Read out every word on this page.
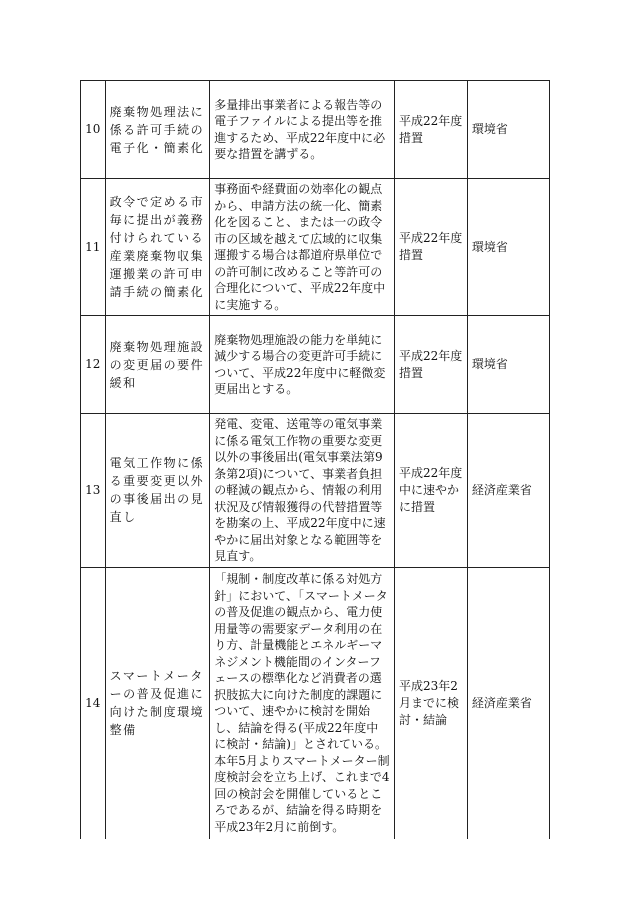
10	廃棄物処理法に係る許可手続の電子化・簡素化	多量排出事業者による報告等の電子ファイルによる提出等を推進するため、平成22年度中に必要な措置を講ずる。	平成22年度措置	環境省
11	政令で定める市毎に提出が義務付けられている産業廃棄物収集運搬業の許可申請手続の簡素化	事務面や経費面の効率化の観点から、申請方法の統一化、簡素化を図ること、または一の政令市の区域を越えて広域的に収集運搬する場合は都道府県単位での許可制に改めること等許可の合理化について、平成22年度中に実施する。	平成22年度措置	環境省
12	廃棄物処理施設の変更届の要件緩和	廃棄物処理施設の能力を単純に減少する場合の変更許可手続について、平成22年度中に軽微変更届出とする。	平成22年度措置	環境省
13	電気工作物に係る重要変更以外の事後届出の見直し	発電、変電、送電等の電気事業に係る電気工作物の重要な変更以外の事後届出(電気事業法第9条第2項)について、事業者負担の軽減の観点から、情報の利用状況及び情報獲得の代替措置等を勘案の上、平成22年度中に速やかに届出対象となる範囲等を見直す。	平成22年度中に速やかに措置	経済産業省
14	スマートメーターの普及促進に向けた制度環境整備	「規制・制度改革に係る対処方針」において、「スマートメータの普及促進の観点から、電力使用量等の需要家データ利用の在り方、計量機能とエネルギーマネジメント機能間のインターフェースの標準化など消費者の選択肢拡大に向けた制度的課題について、速やかに検討を開始し、結論を得る(平成22年度中に検討・結論)」とされている。本年5月よりスマートメーター制度検討会を立ち上げ、これまで4回の検討会を開催しているところであるが、結論を得る時期を平成23年2月に前倒す。	平成23年2月までに検討・結論	経済産業省
